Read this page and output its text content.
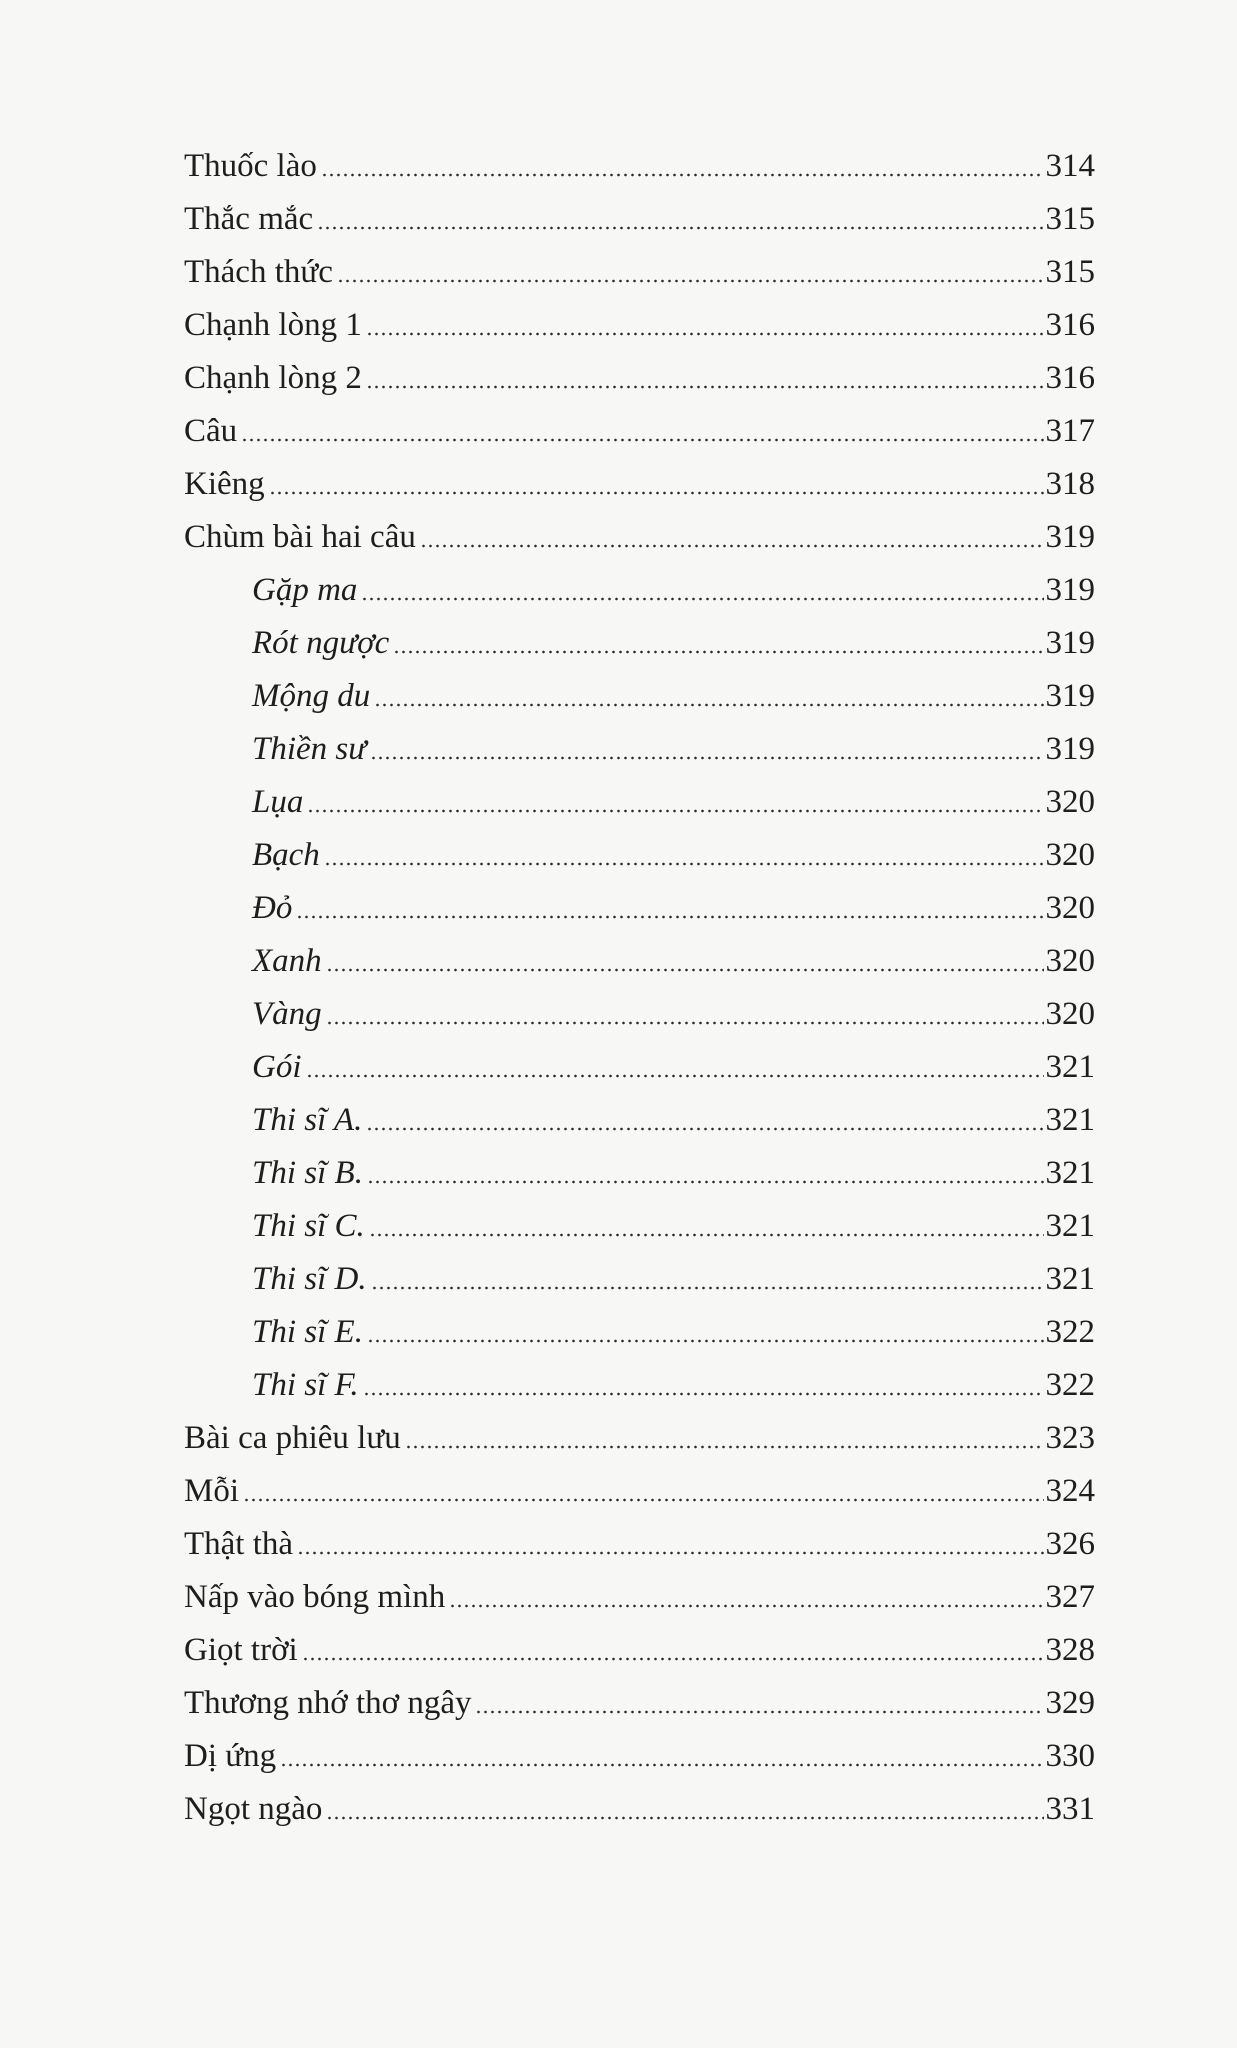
Thuốc lào	314
Thắc mắc	315
Thách thức	315
Chạnh lòng 1	316
Chạnh lòng 2	316
Câu	317
Kiêng	318
Chùm bài hai câu	319
Gặp ma	319
Rót ngược	319
Mộng du	319
Thiền sư	319
Lụa	320
Bạch	320
Đỏ	320
Xanh	320
Vàng	320
Gói	321
Thi sĩ A.	321
Thi sĩ B.	321
Thi sĩ C.	321
Thi sĩ D.	321
Thi sĩ E.	322
Thi sĩ F.	322
Bài ca phiêu lưu	323
Mỗi	324
Thật thà	326
Nấp vào bóng mình	327
Giọt trời	328
Thương nhớ thơ ngây	329
Dị ứng	330
Ngọt ngào	331
